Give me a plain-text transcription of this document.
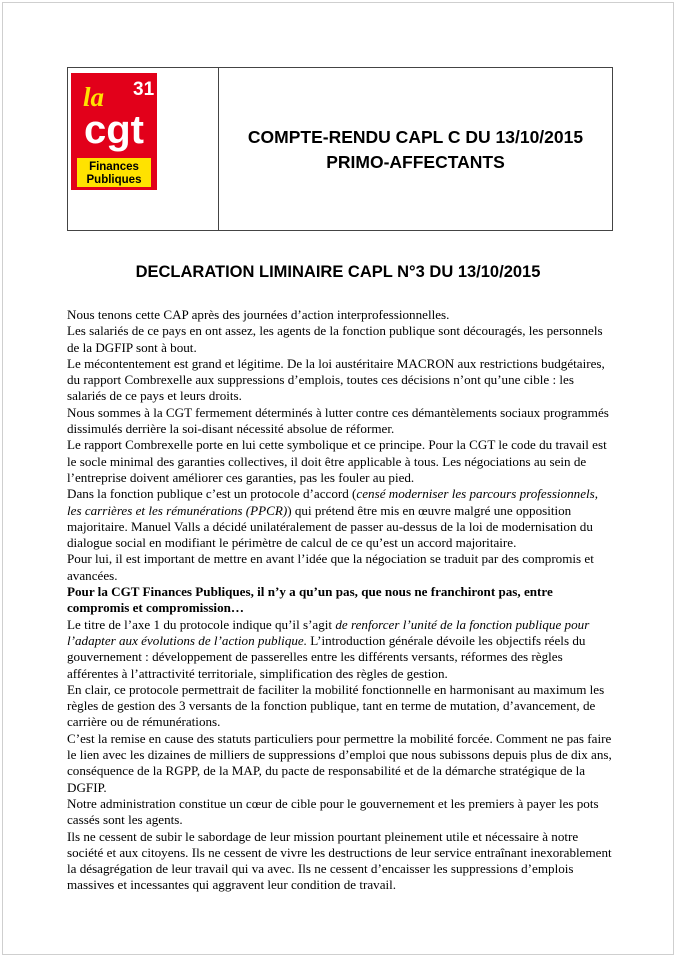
31
la
cgt
Finances
Publiques
COMPTE-RENDU CAPL C DU 13/10/2015
PRIMO-AFFECTANTS
DECLARATION LIMINAIRE CAPL N°3 DU 13/10/2015

Nous tenons cette CAP après des journées d’action interprofessionnelles.

Les salariés de ce pays en ont assez, les agents de la fonction publique sont découragés, les personnels de la DGFIP sont à bout.

Le mécontentement est grand et légitime. De la loi austéritaire MACRON aux restrictions budgétaires, du rapport Combrexelle aux suppressions d’emplois, toutes ces décisions n’ont qu’une cible : les salariés de ce pays et leurs droits.

Nous sommes à la CGT fermement déterminés à lutter contre ces démantèlements sociaux programmés dissimulés derrière la soi-disant nécessité absolue de réformer.

Le rapport Combrexelle porte en lui cette symbolique et ce principe. Pour la CGT le code du travail est le socle minimal des garanties collectives, il doit être applicable à tous. Les négociations au sein de l’entreprise doivent améliorer ces garanties, pas les fouler au pied.

Dans la fonction publique c’est un protocole d’accord (censé moderniser les parcours professionnels, les carrières et les rémunérations (PPCR)) qui prétend être mis en œuvre malgré une opposition majoritaire. Manuel Valls a décidé unilatéralement de passer au-dessus de la loi de modernisation du dialogue social en modifiant le périmètre de calcul de ce qu’est un accord majoritaire.

Pour lui, il est important de mettre en avant l’idée que la négociation se traduit par des compromis et avancées.

Pour la CGT Finances Publiques, il n’y a qu’un pas, que nous ne franchiront pas, entre compromis et compromission…

Le titre de l’axe 1 du protocole indique qu’il s’agit de renforcer l’unité de la fonction publique pour l’adapter aux évolutions de l’action publique. L’introduction générale dévoile les objectifs réels du gouvernement : développement de passerelles entre les différents versants, réformes des règles afférentes à l’attractivité territoriale, simplification des règles de gestion.

En clair, ce protocole permettrait de faciliter la mobilité fonctionnelle en harmonisant au maximum les règles de gestion des 3 versants de la fonction publique, tant en terme de mutation, d’avancement, de carrière ou de rémunérations.

C’est la remise en cause des statuts particuliers pour permettre la mobilité forcée. Comment ne pas faire le lien avec les dizaines de milliers de suppressions d’emploi que nous subissons depuis plus de dix ans, conséquence de la RGPP, de la MAP, du pacte de responsabilité et de la démarche stratégique de la DGFIP.

Notre administration constitue un cœur de cible pour le gouvernement et les premiers à payer les pots cassés sont les agents.

Ils ne cessent de subir le sabordage de leur mission pourtant pleinement utile et nécessaire à notre société et aux citoyens. Ils ne cessent de vivre les destructions de leur service entraînant inexorablement la désagrégation de leur travail qui va avec. Ils ne cessent d’encaisser les suppressions d’emplois massives et incessantes qui aggravent leur condition de travail.
